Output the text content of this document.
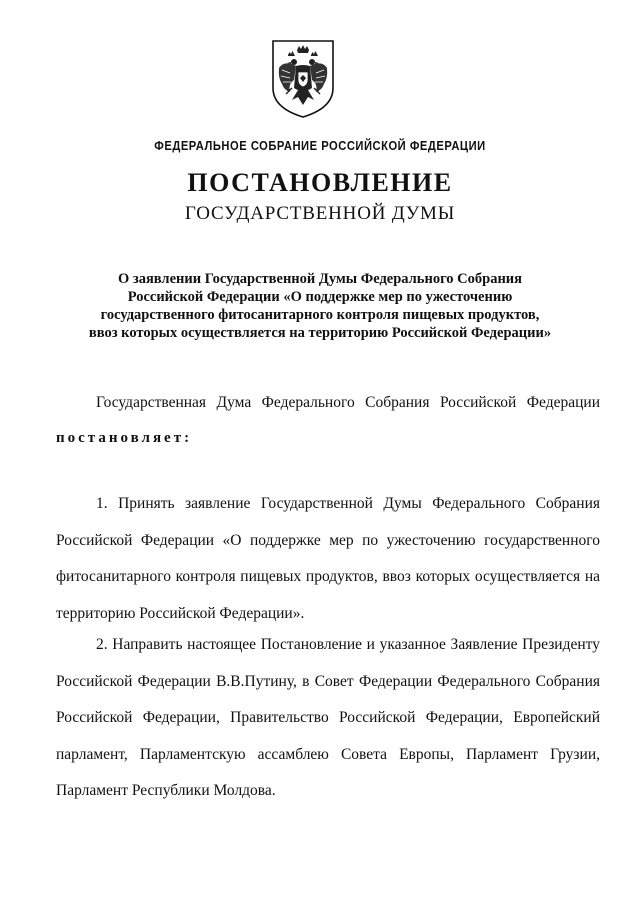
ФЕДЕРАЛЬНОЕ СОБРАНИЕ РОССИЙСКОЙ ФЕДЕРАЦИИ
ПОСТАНОВЛЕНИЕ
ГОСУДАРСТВЕННОЙ ДУМЫ
О заявлении Государственной Думы Федерального Собрания
Российской Федерации «О поддержке мер по ужесточению
государственного фитосанитарного контроля пищевых продуктов,
ввоз которых осуществляется на территорию Российской Федерации»
Государственная Дума Федерального Собрания Российской Федерации
постановляет:
1. Принять заявление Государственной Думы Федерального Собрания
Российской Федерации «О поддержке мер по ужесточению государственного
фитосанитарного контроля пищевых продуктов, ввоз которых осуществляется на
территорию Российской Федерации».
2. Направить настоящее Постановление и указанное Заявление Президенту
Российской Федерации В.В.Путину, в Совет Федерации Федерального Собрания
Российской Федерации, Правительство Российской Федерации, Европейский
парламент, Парламентскую ассамблею Совета Европы, Парламент Грузии,
Парламент Республики Молдова.
